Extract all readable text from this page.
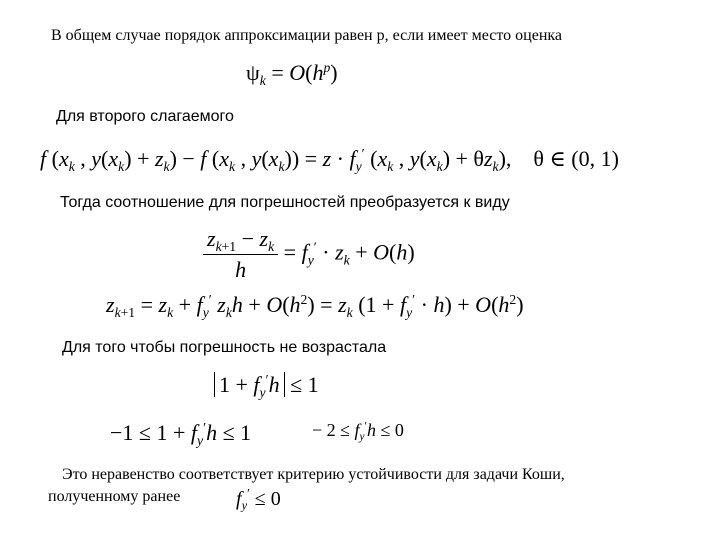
В общем случае порядок аппроксимации равен p, если имеет место оценка
$\psi_k = O(h^p)$
Для второго слагаемого
f ($x_k$ , $y(x_k) + z_k) - f$ ($x_k$ , $y(x_k)) = z \cdot f_y'$ ($x_k$ , $y(x_k) + \theta z_k$),    θ ∈ (0, 1)
Тогда соотношение для погрешностей преобразуется к виду
$\frac{z_{k+1} - z_k}{h} = f_y' \cdot z_k + O(h)$
$z_{k+1} = z_k + f_y'$ $z_kh + O(h^2) = z_k$ $(1 + f_y' \cdot h) + O(h^2)$
Для того чтобы погрешность не возрастала
$1 + f_y'h \le 1$
$-1 \le 1 + f_y'h \le 1$	− $2 \le f_y'h \le 0$
Это неравенство соответствует критерию устойчивости для задачи Коши,
полученному ранее	$f_y' \le 0$
